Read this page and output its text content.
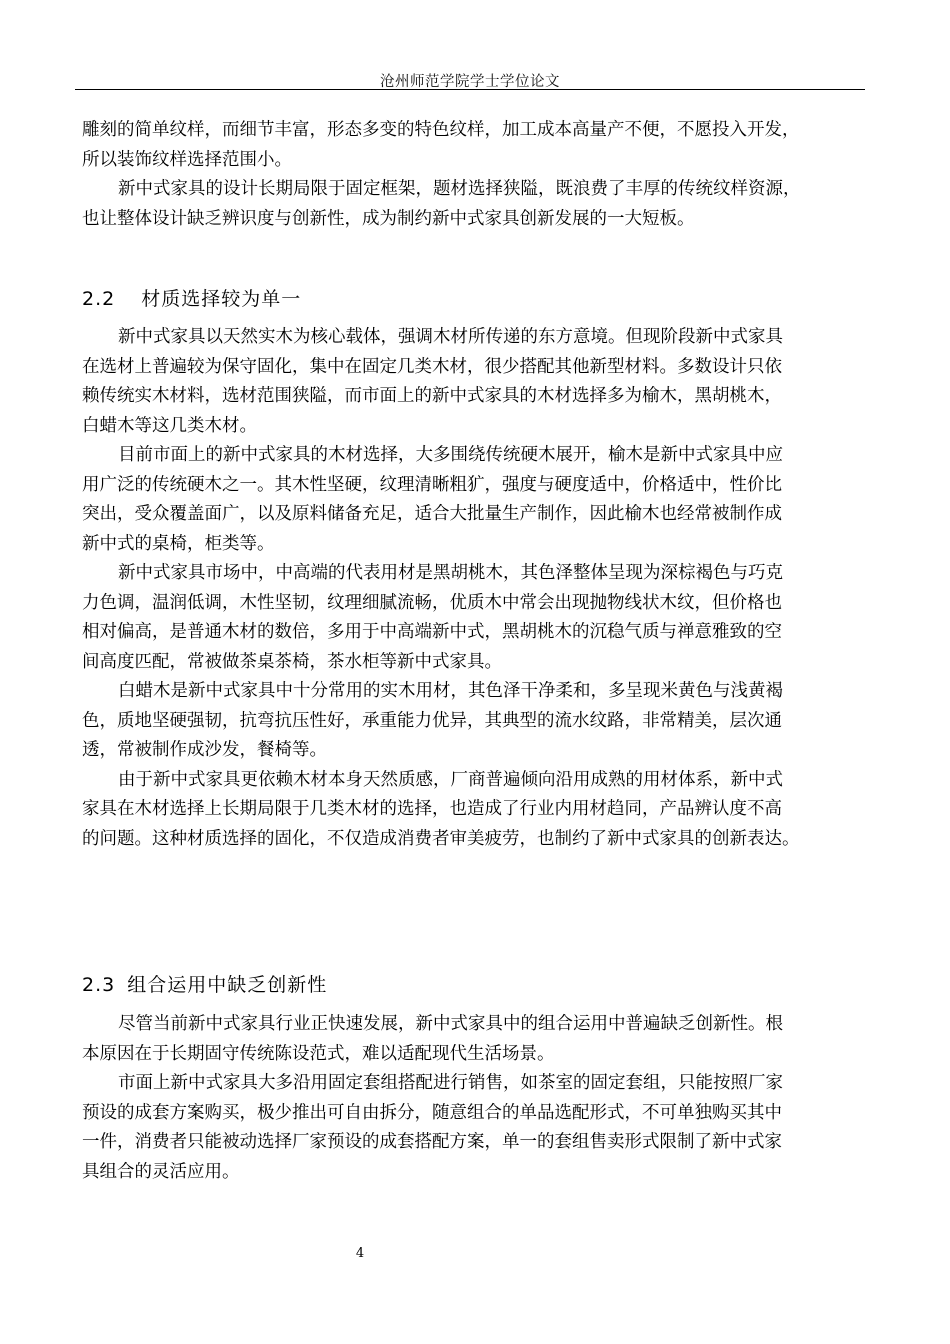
沧州师范学院学士学位论文

雕刻的简单纹样，而细节丰富，形态多变的特色纹样，加工成本高量产不便，不愿投入开发，

所以装饰纹样选择范围小。

新中式家具的设计长期局限于固定框架，题材选择狭隘，既浪费了丰厚的传统纹样资源，

也让整体设计缺乏辨识度与创新性，成为制约新中式家具创新发展的一大短板。

2.2 材质选择较为单一

新中式家具以天然实木为核心载体，强调木材所传递的东方意境。但现阶段新中式家具

在选材上普遍较为保守固化，集中在固定几类木材，很少搭配其他新型材料。多数设计只依

赖传统实木材料，选材范围狭隘，而市面上的新中式家具的木材选择多为榆木，黑胡桃木，

白蜡木等这几类木材。

目前市面上的新中式家具的木材选择，大多围绕传统硬木展开，榆木是新中式家具中应

用广泛的传统硬木之一。其木性坚硬，纹理清晰粗犷，强度与硬度适中，价格适中，性价比

突出，受众覆盖面广，以及原料储备充足，适合大批量生产制作，因此榆木也经常被制作成

新中式的桌椅，柜类等。

新中式家具市场中，中高端的代表用材是黑胡桃木，其色泽整体呈现为深棕褐色与巧克

力色调，温润低调，木性坚韧，纹理细腻流畅，优质木中常会出现抛物线状木纹，但价格也

相对偏高，是普通木材的数倍，多用于中高端新中式，黑胡桃木的沉稳气质与禅意雅致的空

间高度匹配，常被做茶桌茶椅，茶水柜等新中式家具。

白蜡木是新中式家具中十分常用的实木用材，其色泽干净柔和，多呈现米黄色与浅黄褐

色，质地坚硬强韧，抗弯抗压性好，承重能力优异，其典型的流水纹路，非常精美，层次通

透，常被制作成沙发，餐椅等。

由于新中式家具更依赖木材本身天然质感，厂商普遍倾向沿用成熟的用材体系，新中式

家具在木材选择上长期局限于几类木材的选择，也造成了行业内用材趋同，产品辨认度不高

的问题。这种材质选择的固化，不仅造成消费者审美疲劳，也制约了新中式家具的创新表达。

2.3 组合运用中缺乏创新性

尽管当前新中式家具行业正快速发展，新中式家具中的组合运用中普遍缺乏创新性。根

本原因在于长期固守传统陈设范式，难以适配现代生活场景。

市面上新中式家具大多沿用固定套组搭配进行销售，如茶室的固定套组，只能按照厂家

预设的成套方案购买，极少推出可自由拆分，随意组合的单品选配形式，不可单独购买其中

一件，消费者只能被动选择厂家预设的成套搭配方案，单一的套组售卖形式限制了新中式家

具组合的灵活应用。

4
